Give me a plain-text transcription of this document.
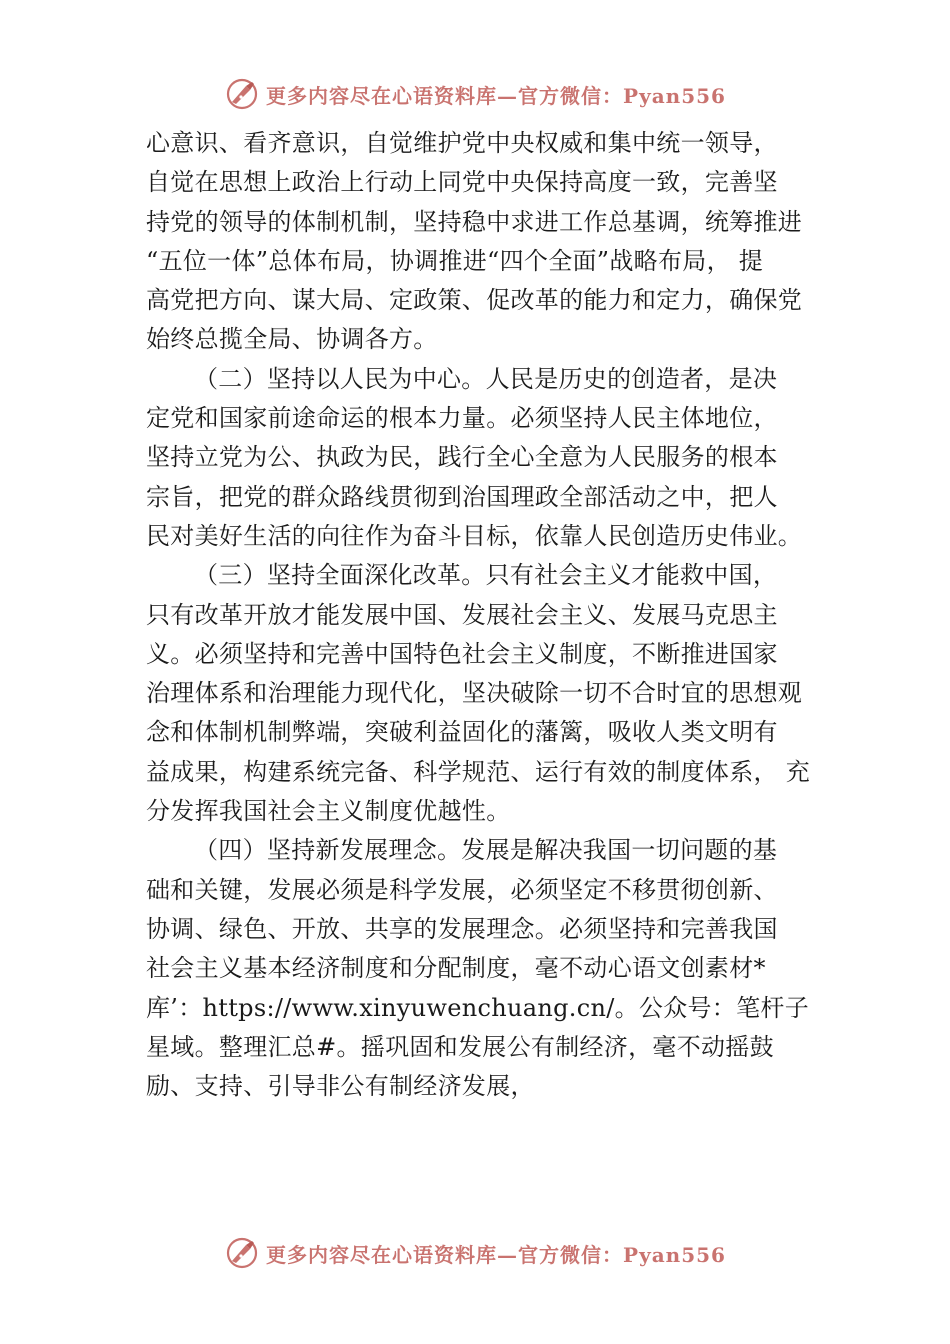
更多内容尽在心语资料库—官方微信：Pyan556
心意识、看齐意识，自觉维护党中央权威和集中统一领导，
自觉在思想上政治上行动上同党中央保持高度一致，完善坚
持党的领导的体制机制，坚持稳中求进工作总基调，统筹推进
“五位一体”总体布局，协调推进“四个全面”战略布局， 提
高党把方向、谋大局、定政策、促改革的能力和定力，确保党
始终总揽全局、协调各方。
（二）坚持以人民为中心。人民是历史的创造者，是决
定党和国家前途命运的根本力量。必须坚持人民主体地位，
坚持立党为公、执政为民，践行全心全意为人民服务的根本
宗旨，把党的群众路线贯彻到治国理政全部活动之中，把人
民对美好生活的向往作为奋斗目标，依靠人民创造历史伟业。
（三）坚持全面深化改革。只有社会主义才能救中国，
只有改革开放才能发展中国、发展社会主义、发展马克思主
义。必须坚持和完善中国特色社会主义制度，不断推进国家
治理体系和治理能力现代化，坚决破除一切不合时宜的思想观
念和体制机制弊端，突破利益固化的藩篱，吸收人类文明有
益成果，构建系统完备、科学规范、运行有效的制度体系， 充
分发挥我国社会主义制度优越性。
（四）坚持新发展理念。发展是解决我国一切问题的基
础和关键，发展必须是科学发展，必须坚定不移贯彻创新、
协调、绿色、开放、共享的发展理念。必须坚持和完善我国
社会主义基本经济制度和分配制度，毫不动心语文创素材*
库’：https://www.xinyuwenchuang.cn/。公众号：笔杆子
星域。整理汇总#。摇巩固和发展公有制经济，毫不动摇鼓
励、支持、引导非公有制经济发展，
更多内容尽在心语资料库—官方微信：Pyan556
